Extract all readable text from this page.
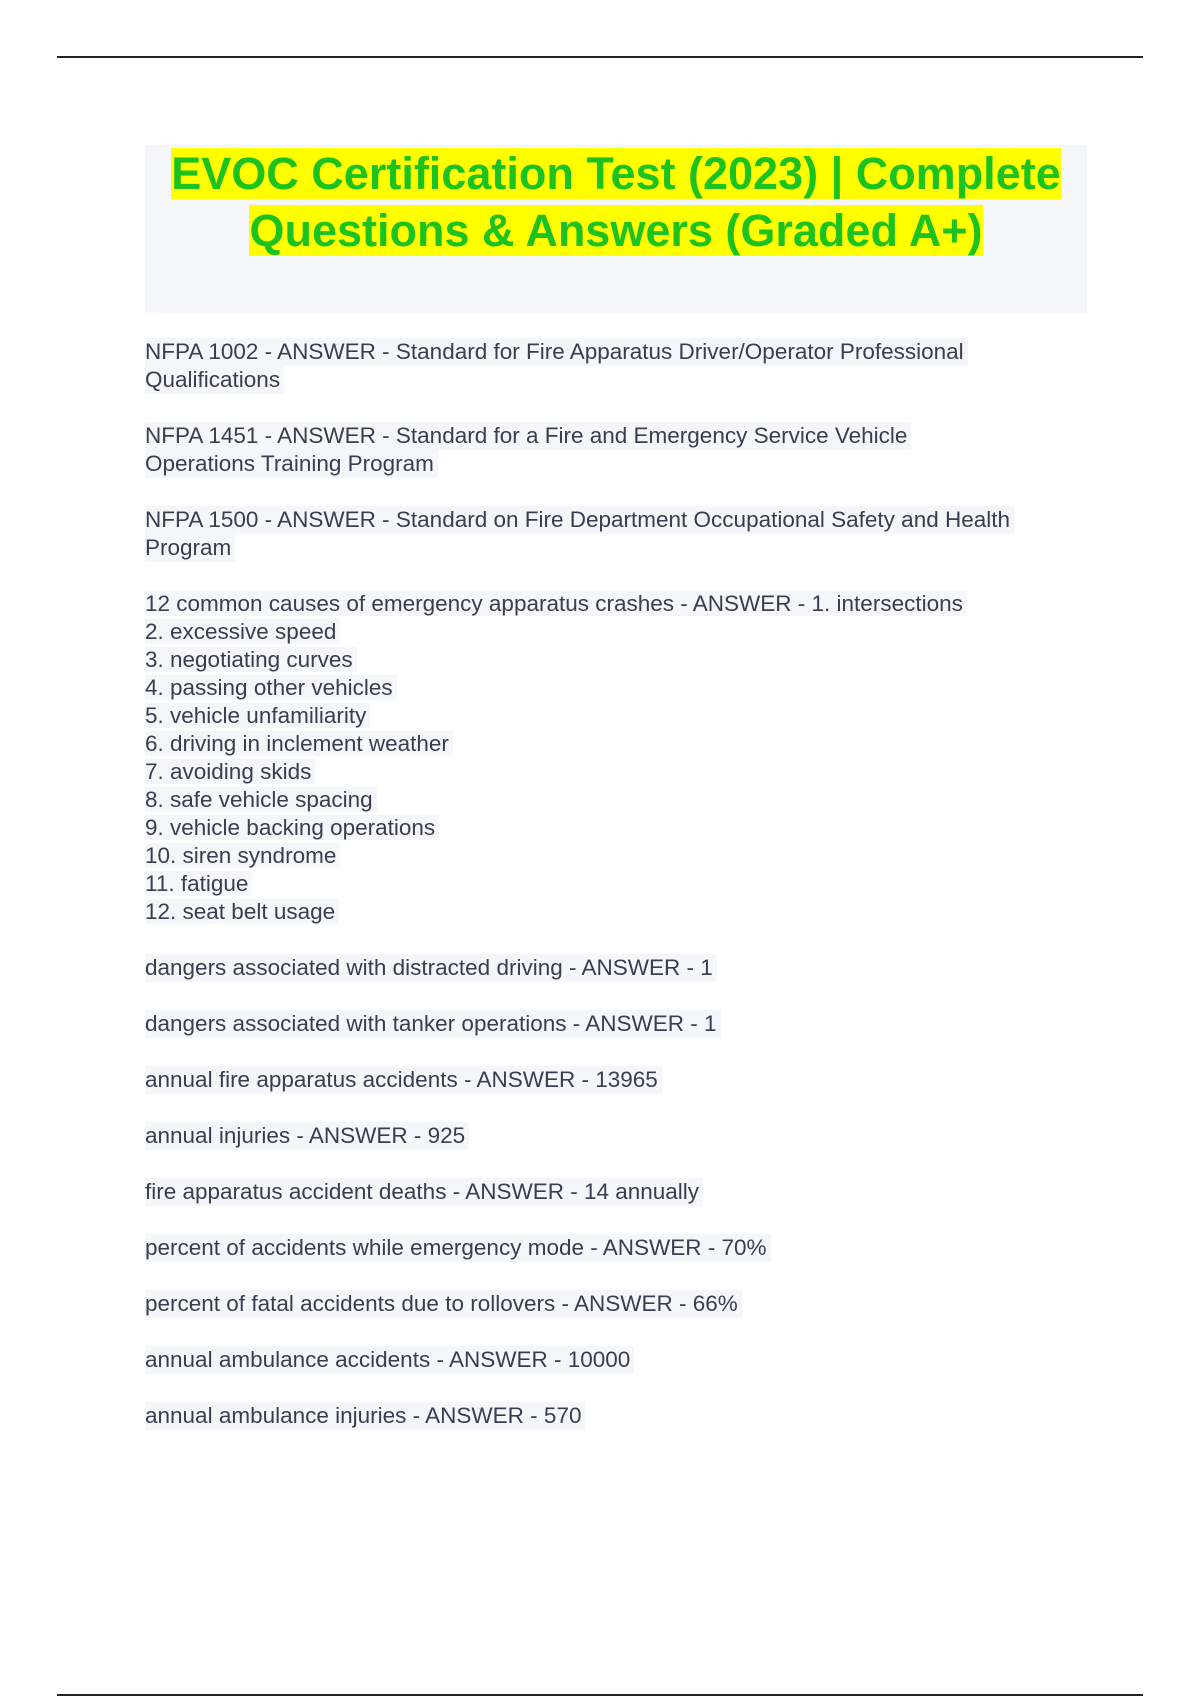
EVOC Certification Test (2023) | Complete Questions & Answers (Graded A+)
NFPA 1002 - ANSWER - Standard for Fire Apparatus Driver/Operator Professional
Qualifications
NFPA 1451 - ANSWER - Standard for a Fire and Emergency Service Vehicle
Operations Training Program
NFPA 1500 - ANSWER - Standard on Fire Department Occupational Safety and Health
Program
12 common causes of emergency apparatus crashes - ANSWER - 1. intersections
2. excessive speed
3. negotiating curves
4. passing other vehicles
5. vehicle unfamiliarity
6. driving in inclement weather
7. avoiding skids
8. safe vehicle spacing
9. vehicle backing operations
10. siren syndrome
11. fatigue
12. seat belt usage
dangers associated with distracted driving - ANSWER - 1
dangers associated with tanker operations - ANSWER - 1
annual fire apparatus accidents - ANSWER - 13965
annual injuries - ANSWER - 925
fire apparatus accident deaths - ANSWER - 14 annually
percent of accidents while emergency mode - ANSWER - 70%
percent of fatal accidents due to rollovers - ANSWER - 66%
annual ambulance accidents - ANSWER - 10000
annual ambulance injuries - ANSWER - 570
